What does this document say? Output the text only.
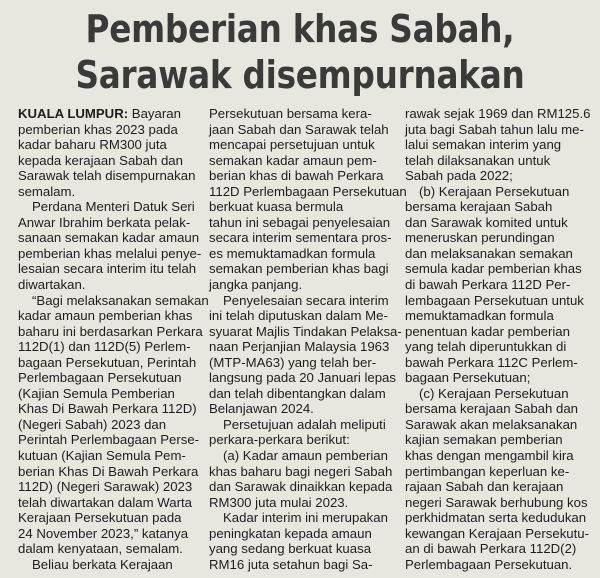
Pemberian khas Sabah,
Sarawak disempurnakan

KUALA LUMPUR: Bayaran
pemberian khas 2023 pada
kadar baharu RM300 juta
kepada kerajaan Sabah dan
Sarawak telah disempurnakan
semalam.

Perdana Menteri Datuk Seri
Anwar Ibrahim berkata pelak-
sanaan semakan kadar amaun
pemberian khas melalui penye-
lesaian secara interim itu telah
diwartakan.

“Bagi melaksanakan semakan
kadar amaun pemberian khas
baharu ini berdasarkan Perkara
112D(1) dan 112D(5) Perlem-
bagaan Persekutuan, Perintah
Perlembagaan Persekutuan
(Kajian Semula Pemberian
Khas Di Bawah Perkara 112D)
(Negeri Sabah) 2023 dan
Perintah Perlembagaan Perse-
kutuan (Kajian Semula Pem-
berian Khas Di Bawah Perkara
112D) (Negeri Sarawak) 2023
telah diwartakan dalam Warta
Kerajaan Persekutuan pada
24 November 2023,” katanya
dalam kenyataan, semalam.

Beliau berkata Kerajaan

Persekutuan bersama kera-
jaan Sabah dan Sarawak telah
mencapai persetujuan untuk
semakan kadar amaun pem-
berian khas di bawah Perkara
112D Perlembagaan Persekutuan
berkuat kuasa bermula
tahun ini sebagai penyelesaian
secara interim sementara pros-
es memuktamadkan formula
semakan pemberian khas bagi
jangka panjang.

Penyelesaian secara interim
ini telah diputuskan dalam Me-
syuarat Majlis Tindakan Pelaksa-
naan Perjanjian Malaysia 1963
(MTP-MA63) yang telah ber-
langsung pada 20 Januari lepas
dan telah dibentangkan dalam
Belanjawan 2024.

Persetujuan adalah meliputi
perkara-perkara berikut:

(a) Kadar amaun pemberian
khas baharu bagi negeri Sabah
dan Sarawak dinaikkan kepada
RM300 juta mulai 2023.

Kadar interim ini merupakan
peningkatan kepada amaun
yang sedang berkuat kuasa
RM16 juta setahun bagi Sa-

rawak sejak 1969 dan RM125.6
juta bagi Sabah tahun lalu me-
lalui semakan interim yang
telah dilaksanakan untuk
Sabah pada 2022;

(b) Kerajaan Persekutuan
bersama kerajaan Sabah
dan Sarawak komited untuk
meneruskan perundingan
dan melaksanakan semakan
semula kadar pemberian khas
di bawah Perkara 112D Per-
lembagaan Persekutuan untuk
memuktamadkan formula
penentuan kadar pemberian
yang telah diperuntukkan di
bawah Perkara 112C Perlem-
bagaan Persekutuan;

(c) Kerajaan Persekutuan
bersama kerajaan Sabah dan
Sarawak akan melaksanakan
kajian semakan pemberian
khas dengan mengambil kira
pertimbangan keperluan ke-
rajaan Sabah dan kerajaan
negeri Sarawak berhubung kos
perkhidmatan serta kedudukan
kewangan Kerajaan Persekutu-
an di bawah Perkara 112D(2)
Perlembagaan Persekutuan.
